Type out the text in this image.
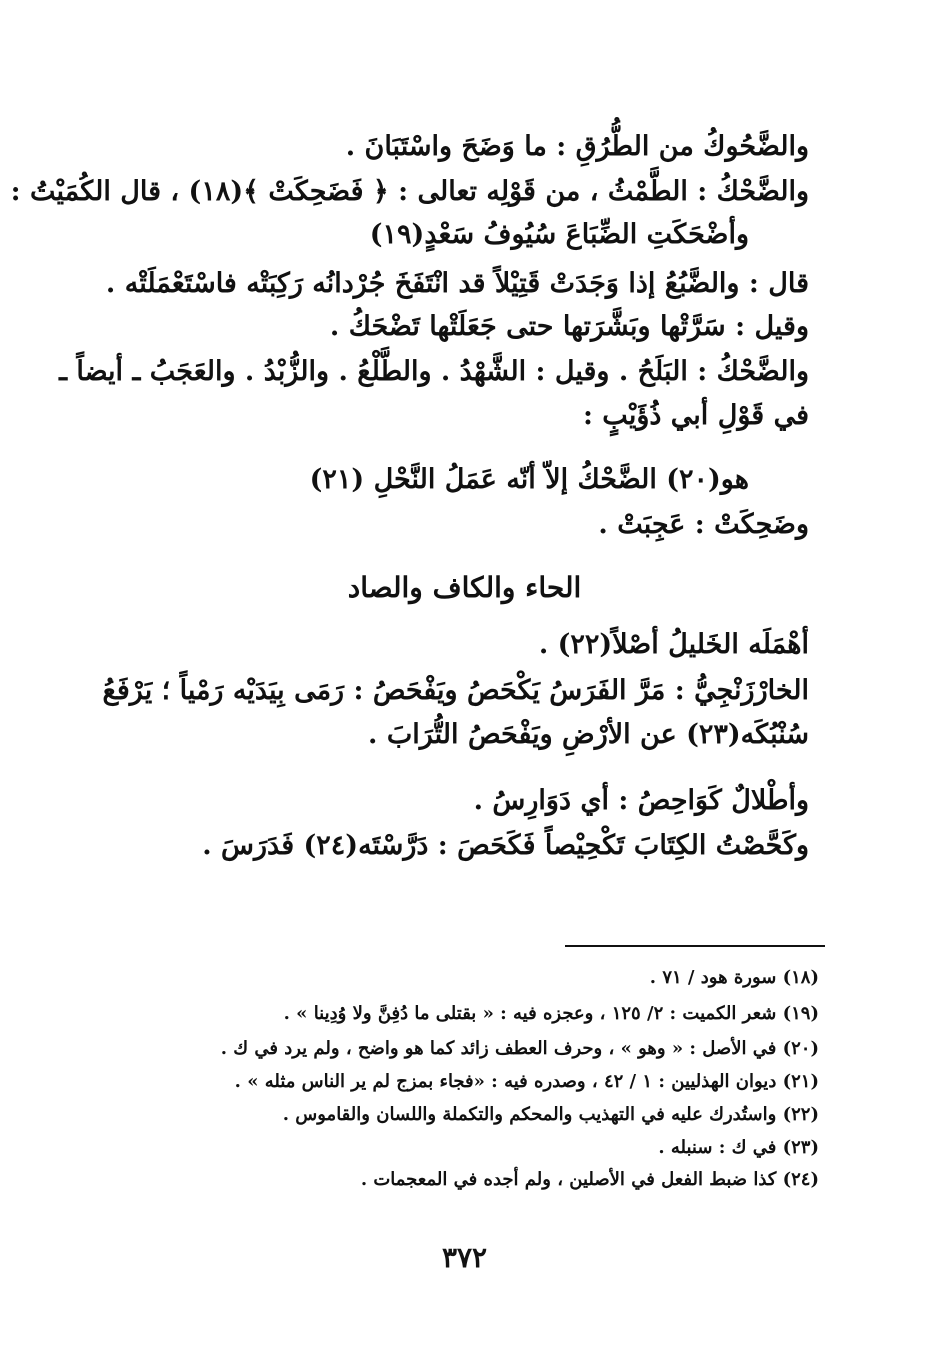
والضَّحُوكُ من الطُّرُقِ : ما وَضَحَ واسْتَبَانَ .
والضَّحْكُ : الطَّمْثُ ، من قَوْلِه تعالى : ﴿ فَضَحِكَتْ ﴾(١٨) ، قال الكُمَيْتُ :
وأضْحَكَتِ الضِّبَاعَ سُيُوفُ سَعْدٍ(١٩)
قال : والضَّبُعُ إذا وَجَدَتْ قَتِيْلاً قد انْتَفَخَ جُرْدانُه رَكِبَتْه فاسْتَعْمَلَتْه .
وقيل : سَرَّتْها وبَشَّرَتها حتى جَعَلَتْها تَضْحَكُ .
والضَّحْكُ : البَلَحُ . وقيل : الشَّهْدُ . والطَّلْعُ . والزُّبْدُ . والعَجَبُ ـ أيضاً ـ
في قَوْلِ أبي ذُؤَيْبٍ :
هو(٢٠) الضَّحْكُ إلاّ أنّه عَمَلُ النَّحْلِ (٢١)
وضَحِكَتْ : عَجِبَتْ .
الحاء والكاف والصاد
أهْمَلَه الخَليلُ أصْلاً(٢٢) .
الخارْزَنْجِيُّ : مَرَّ الفَرَسُ يَكْحَصُ ويَفْحَصُ : رَمَى بِيَدَيْه رَمْياً ؛ يَرْفَعُ
سُنْبُكَه(٢٣) عن الأرْضِ ويَفْحَصُ التُّرَابَ .
وأطْلالٌ كَوَاحِصُ : أي دَوَارِسُ .
وكَحَّصْتُ الكِتَابَ تَكْحِيْصاً فَكَحَصَ : دَرَّسْتَه(٢٤) فَدَرَسَ .
(١٨) سورة هود / ٧١ .
(١٩) شعر الكميت : ٢/ ١٢٥ ، وعجزه فيه : « بقتلى ما دُفِنَّ ولا وُدِينا » .
(٢٠) في الأصل : « وهو » ، وحرف العطف زائد كما هو واضح ، ولم يرد في ك .
(٢١) ديوان الهذليين : ١ / ٤٢ ، وصدره فيه : «فجاء بمزج لم ير الناس مثله » .
(٢٢) واستُدرك عليه في التهذيب والمحكم والتكملة واللسان والقاموس .
(٢٣) في ك : سنبله .
(٢٤) كذا ضبط الفعل في الأصلين ، ولم أجده في المعجمات .
٣٧٢
